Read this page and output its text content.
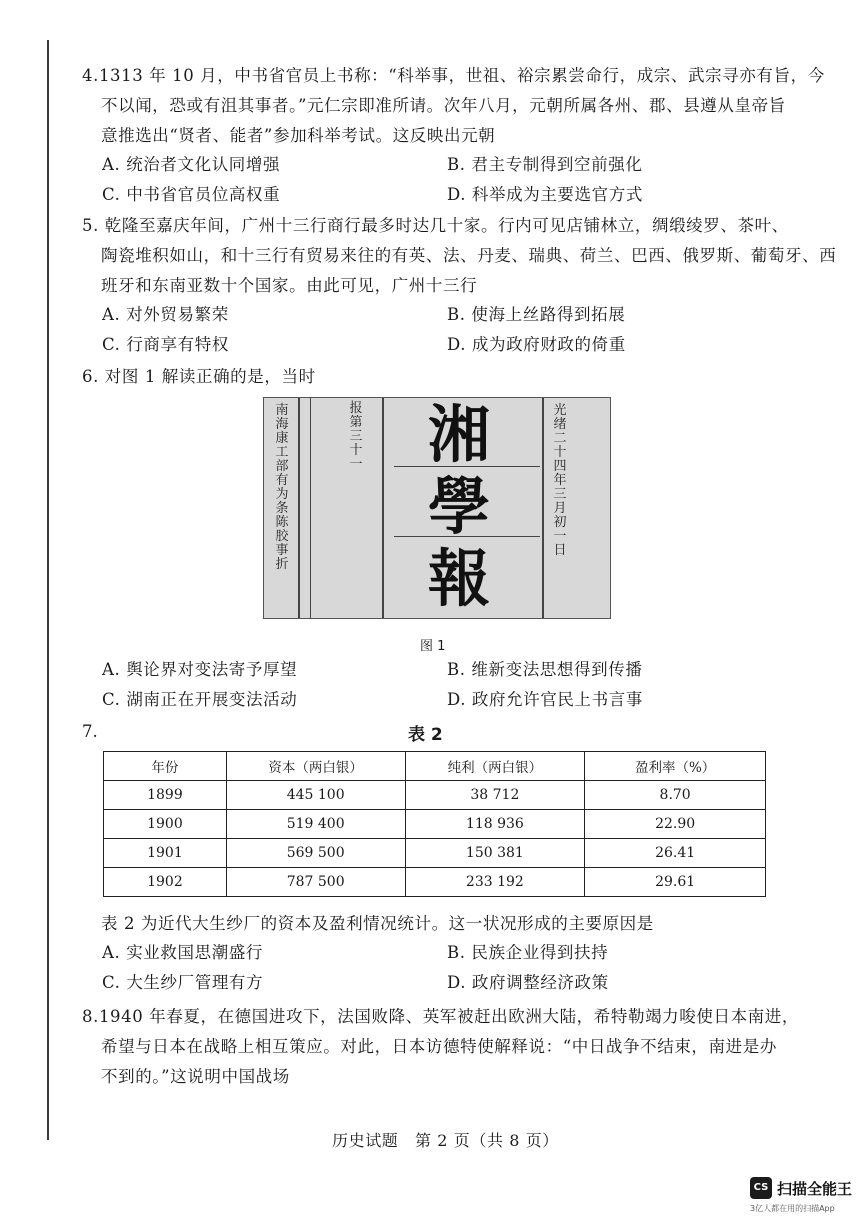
4.1313 年 10 月，中书省官员上书称：“科举事，世祖、裕宗累尝命行，成宗、武宗寻亦有旨，今

不以闻，恐或有沮其事者。”元仁宗即准所请。次年八月，元朝所属各州、郡、县遵从皇帝旨

意推选出“贤者、能者”参加科举考试。这反映出元朝

A. 统治者文化认同增强	B. 君主专制得到空前强化
C. 中书省官员位高权重	D. 科举成为主要选官方式

5. 乾隆至嘉庆年间，广州十三行商行最多时达几十家。行内可见店铺林立，绸缎绫罗、茶叶、

陶瓷堆积如山，和十三行有贸易来往的有英、法、丹麦、瑞典、荷兰、巴西、俄罗斯、葡萄牙、西

班牙和东南亚数十个国家。由此可见，广州十三行

A. 对外贸易繁荣	B. 使海上丝路得到拓展
C. 行商享有特权	D. 成为政府财政的倚重

6. 对图 1 解读正确的是，当时

南
海
康
工
部
有
为
条
陈
胶
事
折
报
第
三
十
一	湘
學
報
光
绪
二
十
四
年
三
月
初
一
日
图 1
A. 舆论界对变法寄予厚望	B. 维新变法思想得到传播
C. 湖南正在开展变法活动	D. 政府允许官民上书言事
7.	表 2
年份	资本（两白银）	纯利（两白银）	盈利率（%）
1899	445 100	38 712	8.70
1900	519 400	118 936	22.90
1901	569 500	150 381	26.41
1902	787 500	233 192	29.61

表 2 为近代大生纱厂的资本及盈利情况统计。这一状况形成的主要原因是

A. 实业救国思潮盛行	B. 民族企业得到扶持
C. 大生纱厂管理有方	D. 政府调整经济政策

8.1940 年春夏，在德国进攻下，法国败降、英军被赶出欧洲大陆，希特勒竭力唆使日本南进，

希望与日本在战略上相互策应。对此，日本访德特使解释说：“中日战争不结束，南进是办

不到的。”这说明中国战场

历史试题　第 2 页（共 8 页）
CS 扫描全能王
3亿人都在用的扫描App
